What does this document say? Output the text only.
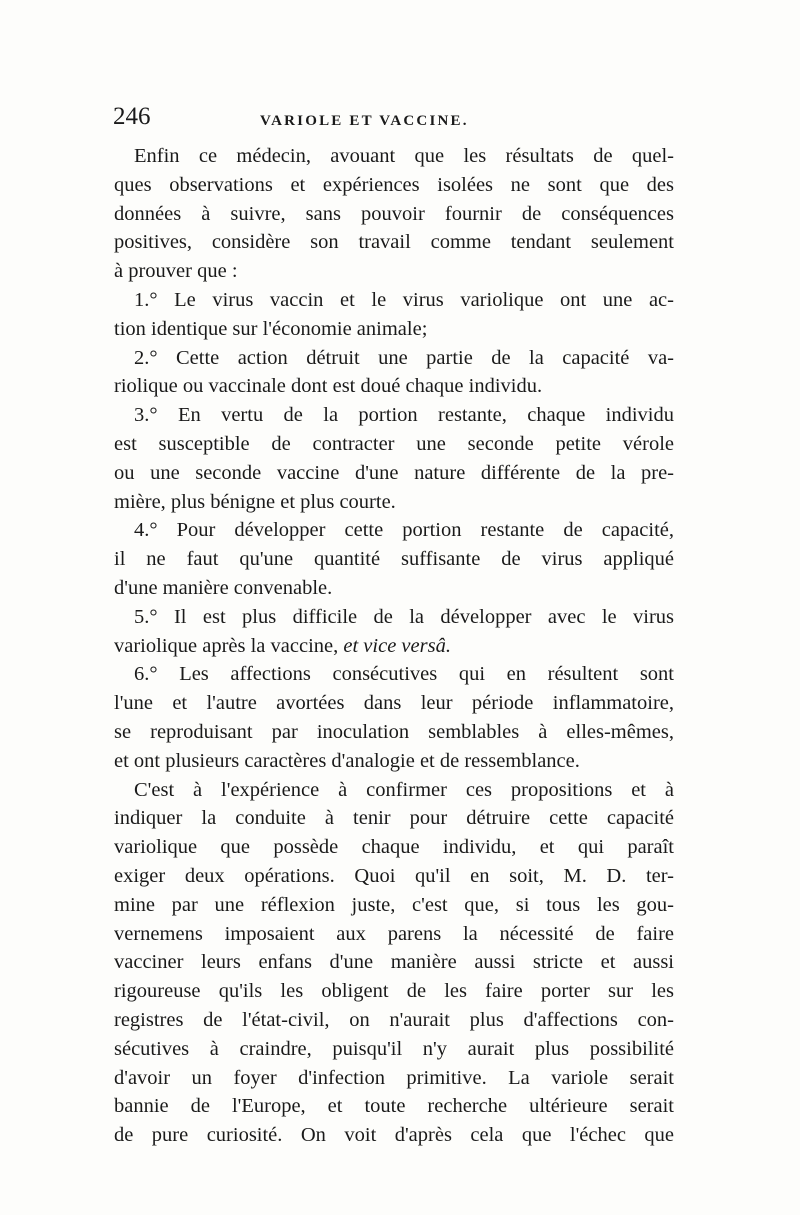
246	VARIOLE ET VACCINE.
Enfin ce médecin, avouant que les résultats de quel-
ques observations et expériences isolées ne sont que des
données à suivre, sans pouvoir fournir de conséquences
positives, considère son travail comme tendant seulement
à prouver que :
1.° Le virus vaccin et le virus variolique ont une ac-
tion identique sur l'économie animale;
2.° Cette action détruit une partie de la capacité va-
riolique ou vaccinale dont est doué chaque individu.
3.° En vertu de la portion restante, chaque individu
est susceptible de contracter une seconde petite vérole
ou une seconde vaccine d'une nature différente de la pre-
mière, plus bénigne et plus courte.
4.° Pour développer cette portion restante de capacité,
il ne faut qu'une quantité suffisante de virus appliqué
d'une manière convenable.
5.° Il est plus difficile de la développer avec le virus
variolique après la vaccine, et vice versâ.
6.° Les affections consécutives qui en résultent sont
l'une et l'autre avortées dans leur période inflammatoire,
se reproduisant par inoculation semblables à elles-mêmes,
et ont plusieurs caractères d'analogie et de ressemblance.
C'est à l'expérience à confirmer ces propositions et à
indiquer la conduite à tenir pour détruire cette capacité
variolique que possède chaque individu, et qui paraît
exiger deux opérations. Quoi qu'il en soit, M. D. ter-
mine par une réflexion juste, c'est que, si tous les gou-
vernemens imposaient aux parens la nécessité de faire
vacciner leurs enfans d'une manière aussi stricte et aussi
rigoureuse qu'ils les obligent de les faire porter sur les
registres de l'état-civil, on n'aurait plus d'affections con-
sécutives à craindre, puisqu'il n'y aurait plus possibilité
d'avoir un foyer d'infection primitive. La variole serait
bannie de l'Europe, et toute recherche ultérieure serait
de pure curiosité. On voit d'après cela que l'échec que
